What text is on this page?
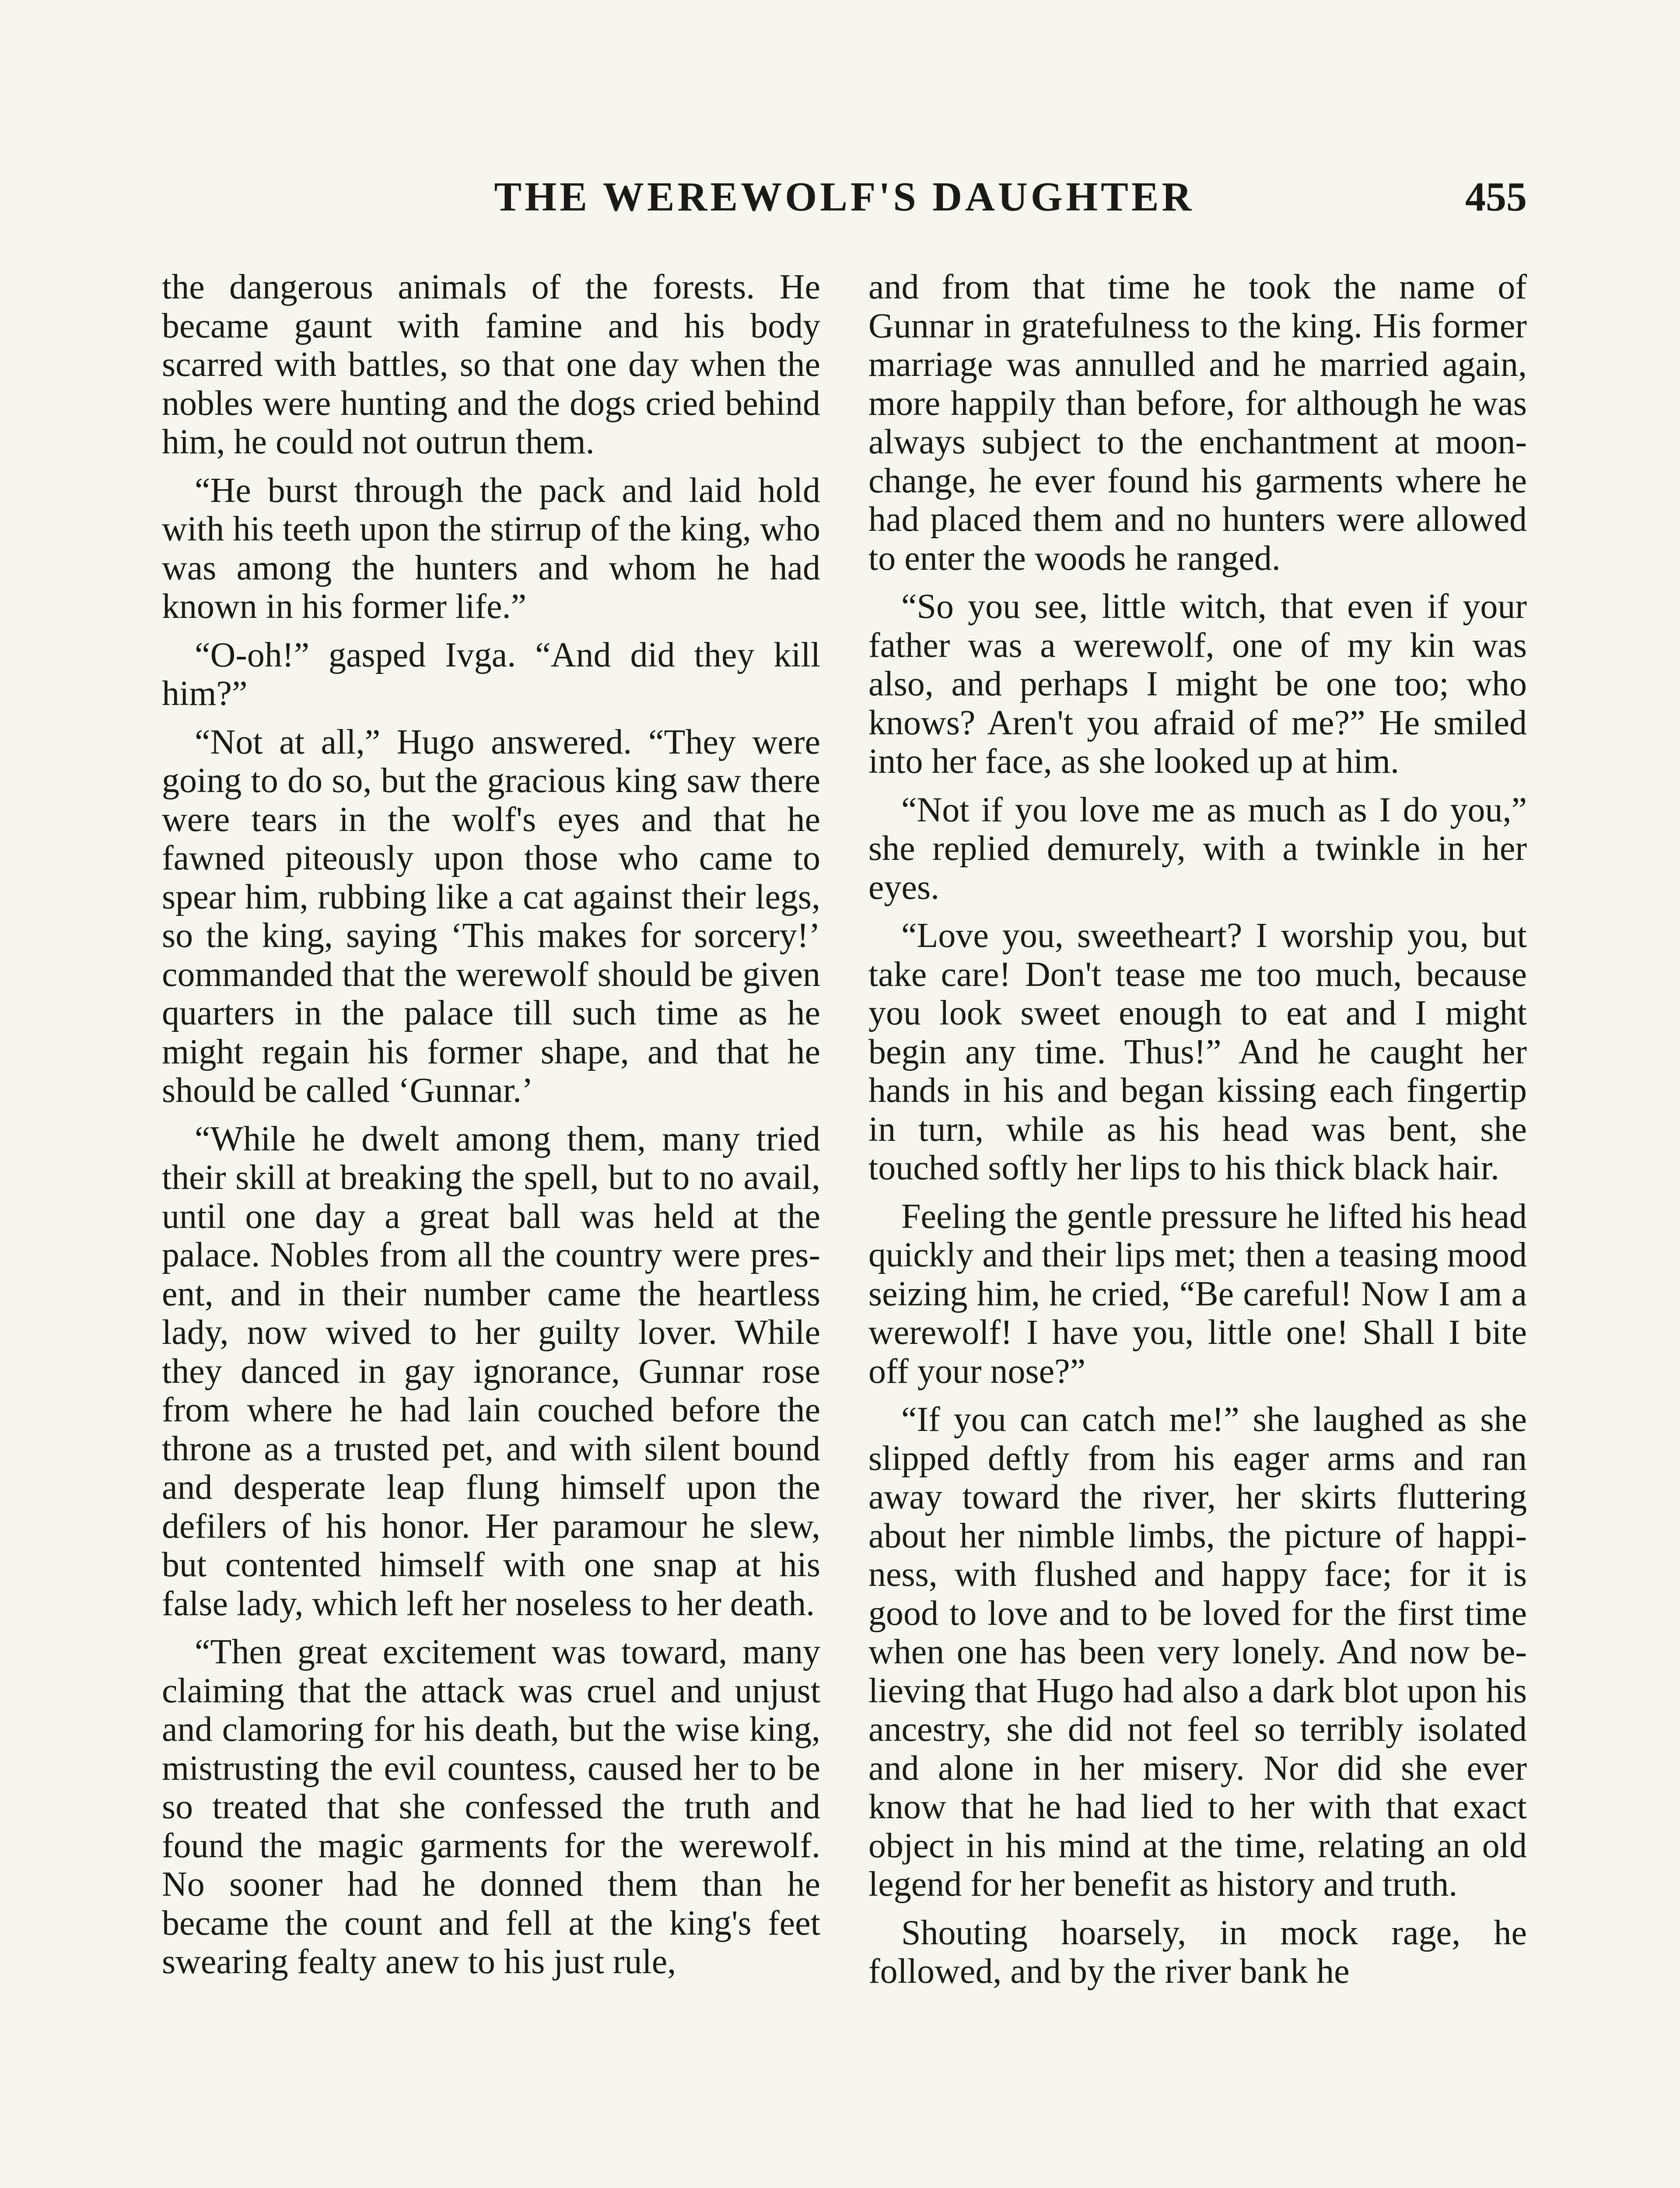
THE WEREWOLF'S DAUGHTER	455

the dangerous animals of the forests. He became gaunt with famine and his body scarred with battles, so that one day when the nobles were hunting and the dogs cried behind him, he could not outrun them.

“He burst through the pack and laid hold with his teeth upon the stirrup of the king, who was among the hunters and whom he had known in his former life.”

“O-oh!” gasped Ivga. “And did they kill him?”

“Not at all,” Hugo answered. “They were going to do so, but the gracious king saw there were tears in the wolf's eyes and that he fawned piteously upon those who came to spear him, rubbing like a cat against their legs, so the king, saying ‘This makes for sorcery!’ commanded that the werewolf should be given quarters in the palace till such time as he might regain his former shape, and that he should be called ‘Gunnar.’

“While he dwelt among them, many tried their skill at breaking the spell, but to no avail, until one day a great ball was held at the palace. Nobles from all the country were present, and in their number came the heartless lady, now wived to her guilty lover. While they danced in gay ignorance, Gunnar rose from where he had lain couched before the throne as a trusted pet, and with silent bound and desperate leap flung himself upon the defilers of his honor. Her paramour he slew, but contented himself with one snap at his false lady, which left her noseless to her death.

“Then great excitement was toward, many claiming that the attack was cruel and unjust and clamoring for his death, but the wise king, mistrusting the evil countess, caused her to be so treated that she confessed the truth and found the magic garments for the werewolf. No sooner had he donned them than he became the count and fell at the king's feet swearing fealty anew to his just rule,

and from that time he took the name of Gunnar in gratefulness to the king. His former marriage was annulled and he married again, more happily than before, for although he was always subject to the enchantment at moon-change, he ever found his garments where he had placed them and no hunters were allowed to enter the woods he ranged.

“So you see, little witch, that even if your father was a werewolf, one of my kin was also, and perhaps I might be one too; who knows? Aren't you afraid of me?” He smiled into her face, as she looked up at him.

“Not if you love me as much as I do you,” she replied demurely, with a twinkle in her eyes.

“Love you, sweetheart? I worship you, but take care! Don't tease me too much, because you look sweet enough to eat and I might begin any time. Thus!” And he caught her hands in his and began kissing each fingertip in turn, while as his head was bent, she touched softly her lips to his thick black hair.

Feeling the gentle pressure he lifted his head quickly and their lips met; then a teasing mood seizing him, he cried, “Be careful! Now I am a werewolf! I have you, little one! Shall I bite off your nose?”

“If you can catch me!” she laughed as she slipped deftly from his eager arms and ran away toward the river, her skirts fluttering about her nimble limbs, the picture of happiness, with flushed and happy face; for it is good to love and to be loved for the first time when one has been very lonely. And now believing that Hugo had also a dark blot upon his ancestry, she did not feel so terribly isolated and alone in her misery. Nor did she ever know that he had lied to her with that exact object in his mind at the time, relating an old legend for her benefit as history and truth.

Shouting hoarsely, in mock rage, he followed, and by the river bank he
